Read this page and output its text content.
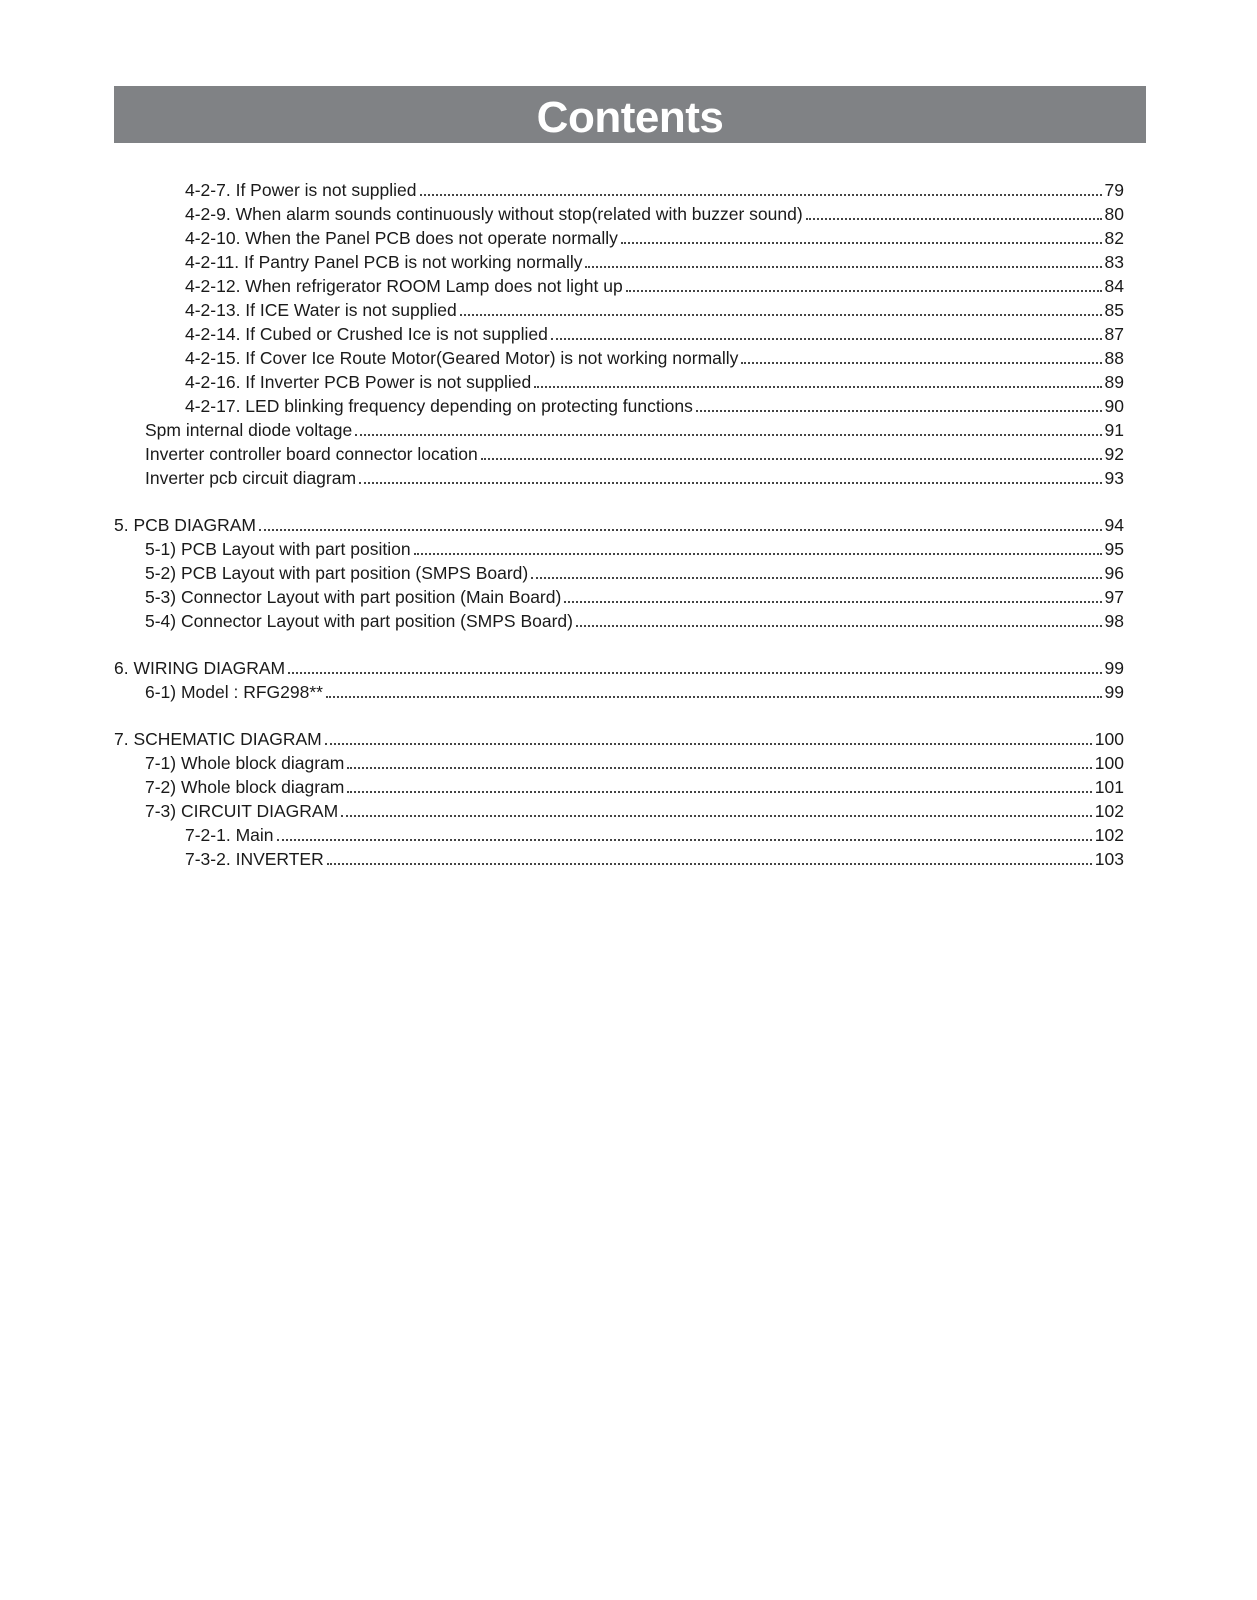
Contents
4-2-7. If Power is not supplied	79
4-2-9. When alarm sounds continuously without stop(related with buzzer sound)	80
4-2-10. When the Panel PCB does not operate normally	82
4-2-11. If Pantry Panel PCB is not working normally	83
4-2-12. When refrigerator ROOM Lamp does not light up	84
4-2-13. If ICE Water is not supplied	85
4-2-14. If Cubed or Crushed Ice is not supplied	87
4-2-15. If Cover Ice Route Motor(Geared Motor) is not working normally	88
4-2-16. If Inverter PCB Power is not supplied	89
4-2-17. LED blinking frequency depending on protecting functions	90
Spm internal diode voltage	91
Inverter controller board connector location	92
Inverter pcb circuit diagram	93
5. PCB DIAGRAM	94
5-1) PCB Layout with part position	95
5-2) PCB Layout with part position (SMPS Board)	96
5-3) Connector Layout with part position (Main Board)	97
5-4) Connector Layout with part position (SMPS Board)	98
6. WIRING DIAGRAM	99
6-1) Model : RFG298**	99
7. SCHEMATIC DIAGRAM	100
7-1) Whole block diagram	100
7-2) Whole block diagram	101
7-3) CIRCUIT DIAGRAM	102
7-2-1. Main	102
7-3-2. INVERTER	103
